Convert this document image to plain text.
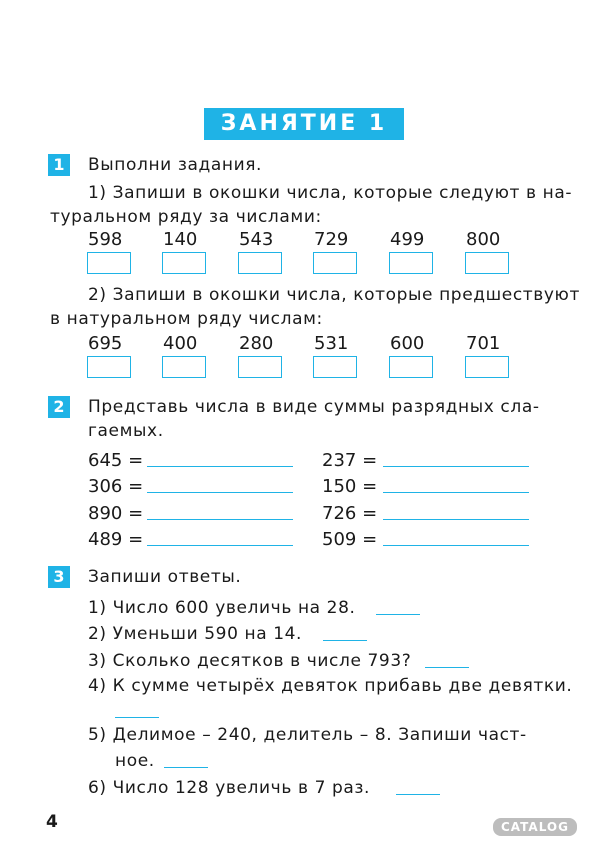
ЗАНЯТИЕ 1
1	Выполни задания.
1) Запиши в окошки числа, которые следуют в на-
туральном ряду за числами:
598 140 543 729 499 800
2) Запиши в окошки числа, которые предшествуют
в натуральном ряду числам:
695 400 280 531 600 701
2	Представь числа в виде суммы разрядных сла-
гаемых.
645 =	237 =
306 =	150 =
890 =	726 =
489 =	509 =
3	Запиши ответы.
1) Число 600 увеличь на 28.
2) Уменьши 590 на 14.
3) Сколько десятков в числе 793?
4) К сумме четырёх девяток прибавь две девятки.
5) Делимое – 240, делитель – 8. Запиши част-
ное.
6) Число 128 увеличь в 7 раз.
4	CATALOG
